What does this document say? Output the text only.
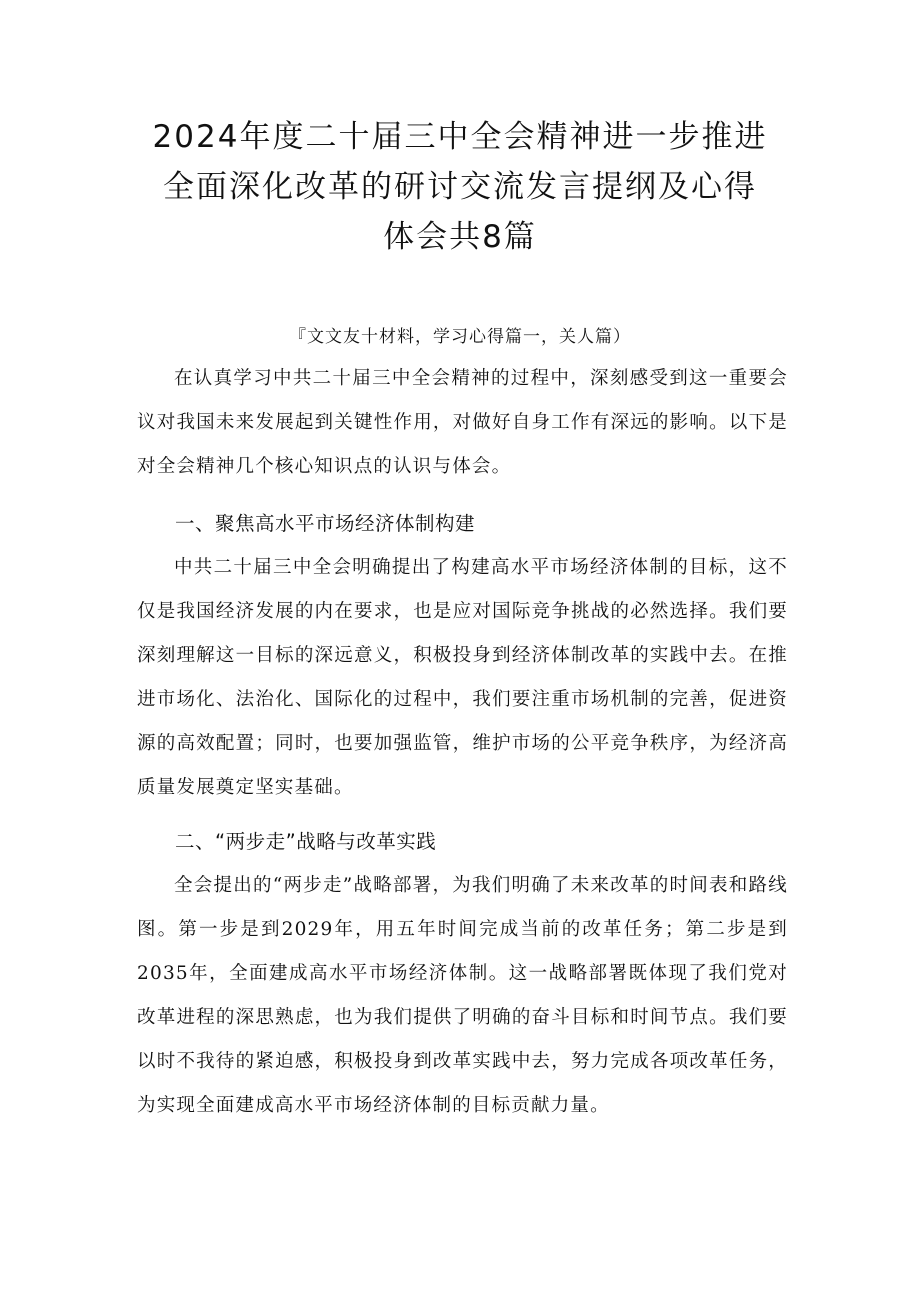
2024年度二十届三中全会精神进一步推进
全面深化改革的研讨交流发言提纲及心得
体会共8篇
『文文友十材料，学习心得篇一，关人篇）

在认真学习中共二十届三中全会精神的过程中，深刻感受到这一重要会议对我国未来发展起到关键性作用，对做好自身工作有深远的影响。以下是对全会精神几个核心知识点的认识与体会。

一、聚焦高水平市场经济体制构建

中共二十届三中全会明确提出了构建高水平市场经济体制的目标，这不仅是我国经济发展的内在要求，也是应对国际竞争挑战的必然选择。我们要深刻理解这一目标的深远意义，积极投身到经济体制改革的实践中去。在推进市场化、法治化、国际化的过程中，我们要注重市场机制的完善，促进资源的高效配置；同时，也要加强监管，维护市场的公平竞争秩序，为经济高质量发展奠定坚实基础。

二、“两步走”战略与改革实践

全会提出的“两步走”战略部署，为我们明确了未来改革的时间表和路线图。第一步是到2029年，用五年时间完成当前的改革任务；第二步是到2035年，全面建成高水平市场经济体制。这一战略部署既体现了我们党对改革进程的深思熟虑，也为我们提供了明确的奋斗目标和时间节点。我们要以时不我待的紧迫感，积极投身到改革实践中去，努力完成各项改革任务，为实现全面建成高水平市场经济体制的目标贡献力量。
